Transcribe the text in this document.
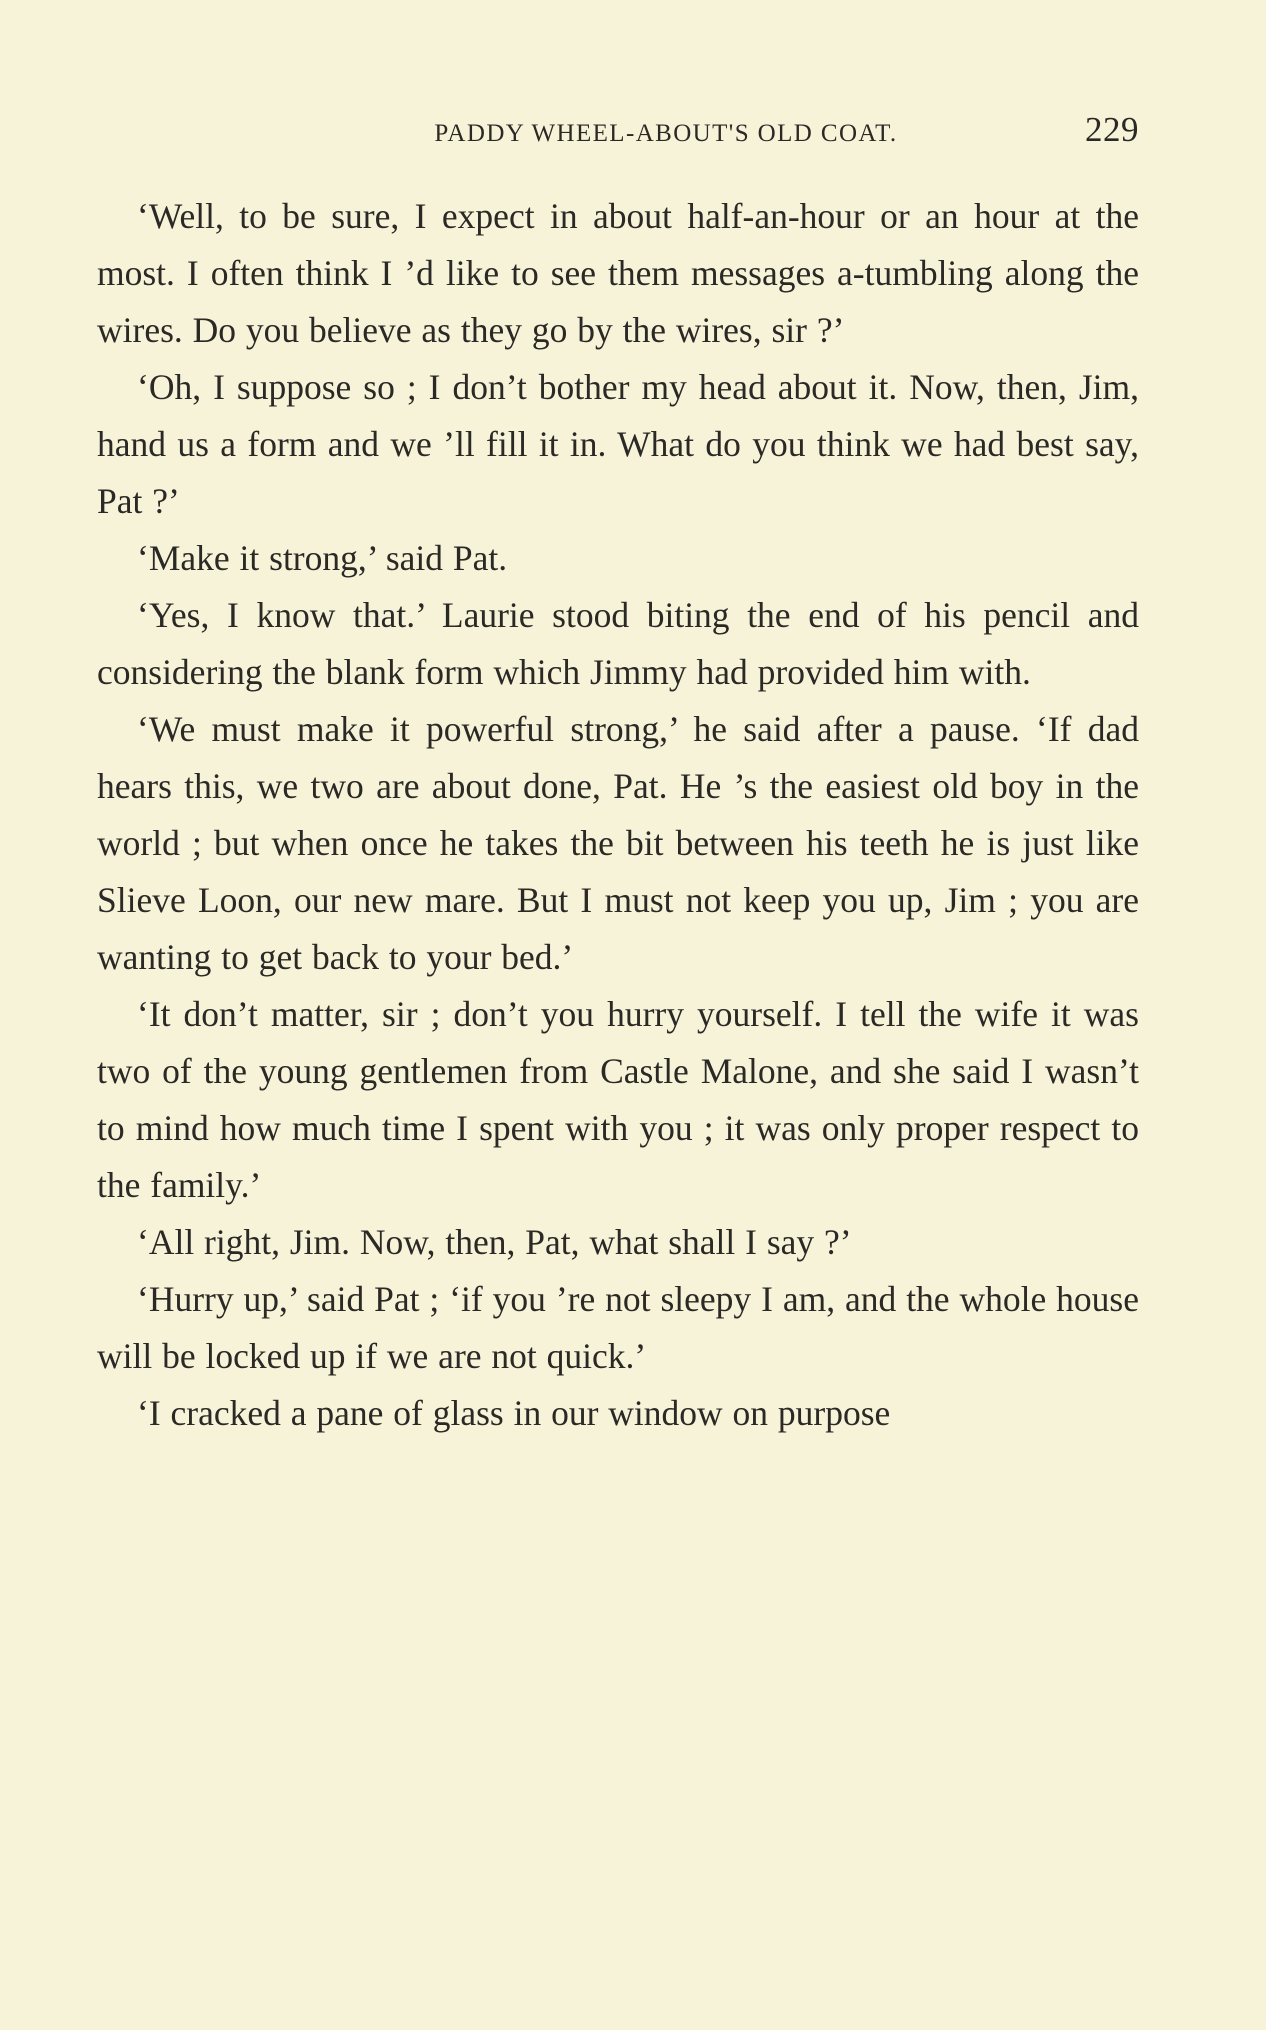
PADDY WHEEL-ABOUT'S OLD COAT.	229

‘Well, to be sure, I expect in about half-an-hour or an hour at the most. I often think I ’d like to see them messages a-tumbling along the wires. Do you believe as they go by the wires, sir ?’

‘Oh, I suppose so ; I don’t bother my head about it. Now, then, Jim, hand us a form and we ’ll fill it in. What do you think we had best say, Pat ?’

‘Make it strong,’ said Pat.

‘Yes, I know that.’ Laurie stood biting the end of his pencil and considering the blank form which Jimmy had provided him with.

‘We must make it powerful strong,’ he said after a pause. ‘If dad hears this, we two are about done, Pat. He ’s the easiest old boy in the world ; but when once he takes the bit between his teeth he is just like Slieve Loon, our new mare. But I must not keep you up, Jim ; you are wanting to get back to your bed.’

‘It don’t matter, sir ; don’t you hurry yourself. I tell the wife it was two of the young gentlemen from Castle Malone, and she said I wasn’t to mind how much time I spent with you ; it was only proper respect to the family.’

‘All right, Jim. Now, then, Pat, what shall I say ?’

‘Hurry up,’ said Pat ; ‘if you ’re not sleepy I am, and the whole house will be locked up if we are not quick.’

‘I cracked a pane of glass in our window on purpose
